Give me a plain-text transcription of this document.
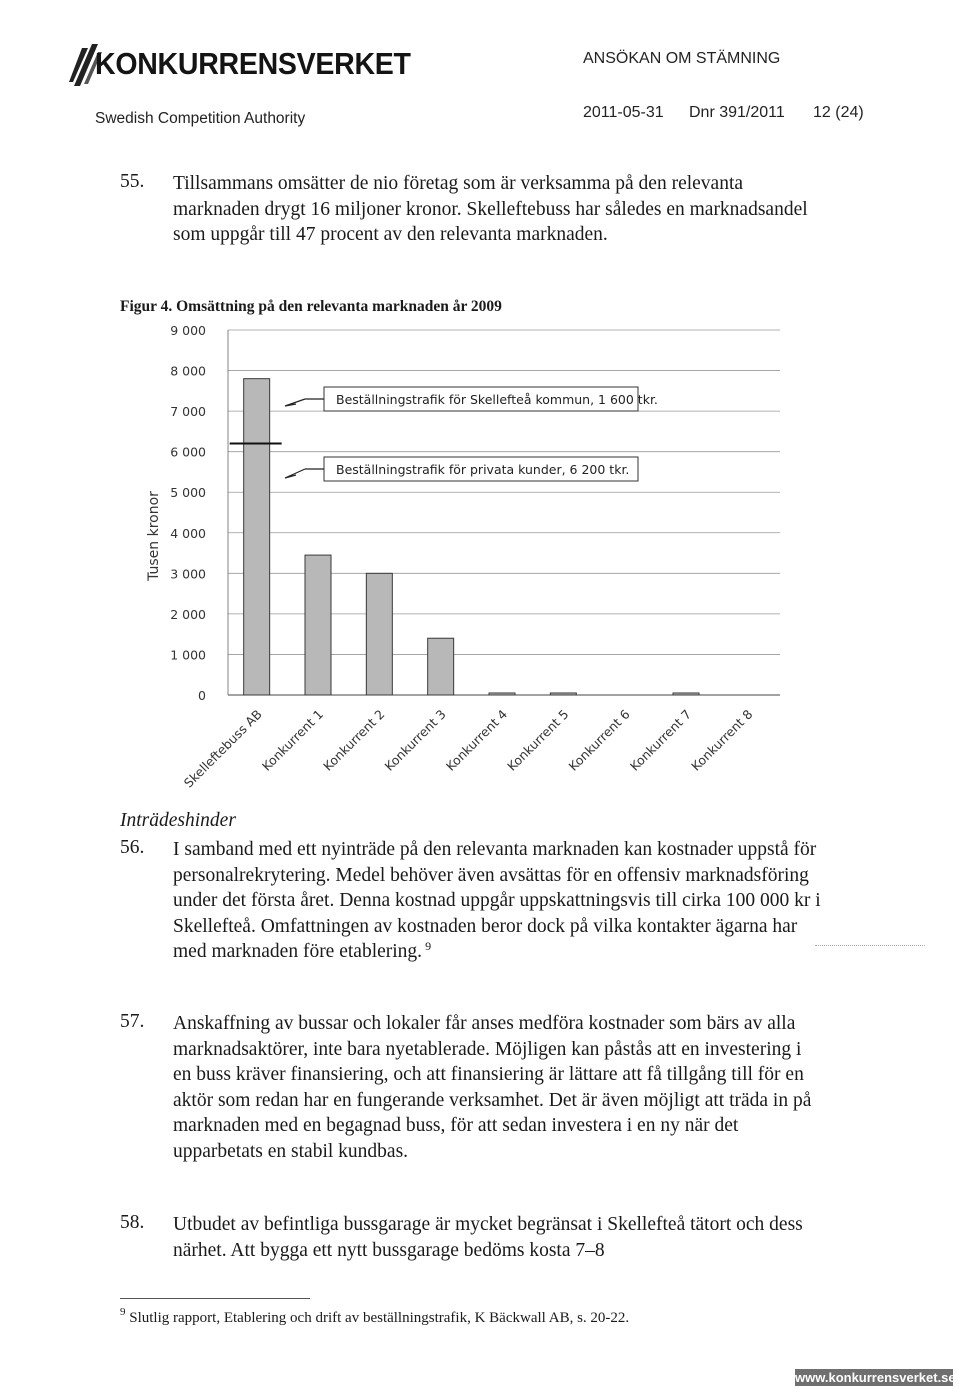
KONKURRENSVERKET
Swedish Competition Authority
ANSÖKAN OM STÄMNING
2011-05-31 Dnr 391/2011 12 (24)
55. Tillsammans omsätter de nio företag som är verksamma på den relevanta marknaden drygt 16 miljoner kronor. Skelleftebuss har således en marknadsandel som uppgår till 47 procent av den relevanta marknaden.
Figur 4. Omsättning på den relevanta marknaden år 2009
0
1 000
2 000
3 000
4 000
5 000
6 000
7 000
8 000
9 000
Skelleftebuss AB
Konkurrent 1
Konkurrent 2
Konkurrent 3
Konkurrent 4
Konkurrent 5
Konkurrent 6
Konkurrent 7
Konkurrent 8
Tusen kronor
Beställningstrafik för Skellefteå kommun, 1 600 tkr.
Beställningstrafik för privata kunder, 6 200 tkr.
Inträdeshinder
56. I samband med ett nyinträde på den relevanta marknaden kan kostnader uppstå för personalrekrytering. Medel behöver även avsättas för en offensiv marknadsföring under det första året. Denna kostnad uppgår uppskattningsvis till cirka 100 000 kr i Skellefteå. Omfattningen av kostnaden beror dock på vilka kontakter ägarna har med marknaden före etablering. $^9$
57. Anskaffning av bussar och lokaler får anses medföra kostnader som bärs av alla marknadsaktörer, inte bara nyetablerade. Möjligen kan påstås att en investering i en buss kräver finansiering, och att finansiering är lättare att få tillgång till för en aktör som redan har en fungerande verksamhet. Det är även möjligt att träda in på marknaden med en begagnad buss, för att sedan investera i en ny när det upparbetats en stabil kundbas.
58. Utbudet av befintliga bussgarage är mycket begränsat i Skellefteå tätort och dess närhet. Att bygga ett nytt bussgarage bedöms kosta 7–8
$^9$ Slutlig rapport, Etablering och drift av beställningstrafik, K Bäckwall AB, s. 20-22.
www.konkurrensverket.se
